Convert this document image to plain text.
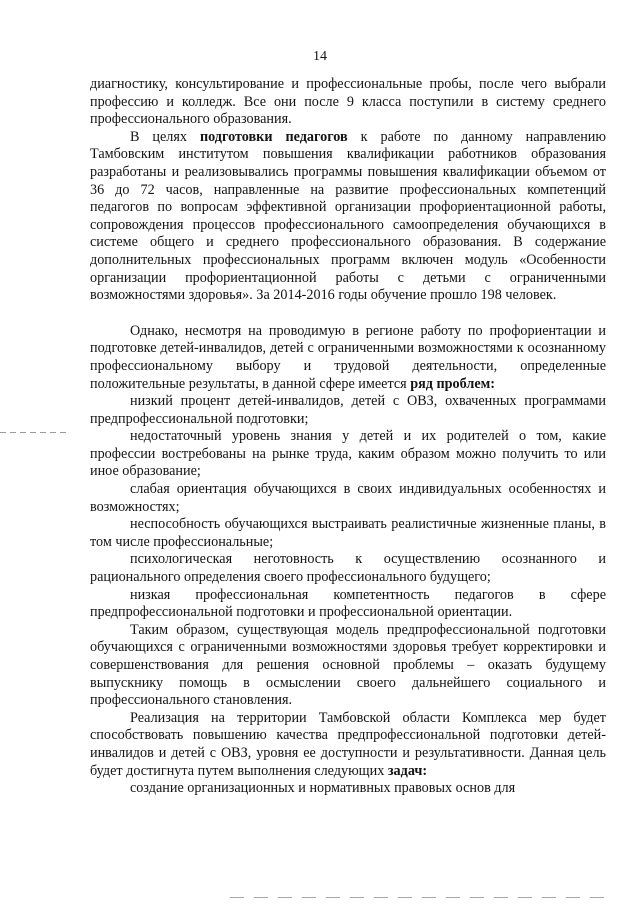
14

диагностику, консультирование и профессиональные пробы, после чего выбрали профессию и колледж. Все они после 9 класса поступили в систему среднего профессионального образования.

В целях подготовки педагогов к работе по данному направлению Тамбовским институтом повышения квалификации работников образования разработаны и реализовывались программы повышения квалификации объемом от 36 до 72 часов, направленные на развитие профессиональных компетенций педагогов по вопросам эффективной организации профориентационной работы, сопровождения процессов профессионального самоопределения обучающихся в системе общего и среднего профессионального образования. В содержание дополнительных профессиональных программ включен модуль «Особенности организации профориентационной работы с детьми с ограниченными возможностями здоровья». За 2014-2016 годы обучение прошло 198 человек.

Однако, несмотря на проводимую в регионе работу по профориентации и подготовке детей-инвалидов, детей с ограниченными возможностями к осознанному профессиональному выбору и трудовой деятельности, определенные положительные результаты, в данной сфере имеется ряд проблем:

низкий процент детей-инвалидов, детей с ОВЗ, охваченных программами предпрофессиональной подготовки;

недостаточный уровень знания у детей и их родителей о том, какие профессии востребованы на рынке труда, каким образом можно получить то или иное образование;

слабая ориентация обучающихся в своих индивидуальных особенностях и возможностях;

неспособность обучающихся выстраивать реалистичные жизненные планы, в том числе профессиональные;

психологическая неготовность к осуществлению осознанного и рационального определения своего профессионального будущего;

низкая профессиональная компетентность педагогов в сфере предпрофессиональной подготовки и профессиональной ориентации.

Таким образом, существующая модель предпрофессиональной подготовки обучающихся с ограниченными возможностями здоровья требует корректировки и совершенствования для решения основной проблемы – оказать будущему выпускнику помощь в осмыслении своего дальнейшего социального и профессионального становления.

Реализация на территории Тамбовской области Комплекса мер будет способствовать повышению качества предпрофессиональной подготовки детей-инвалидов и детей с ОВЗ, уровня ее доступности и результативности. Данная цель будет достигнута путем выполнения следующих задач:

создание организационных и нормативных правовых основ для
